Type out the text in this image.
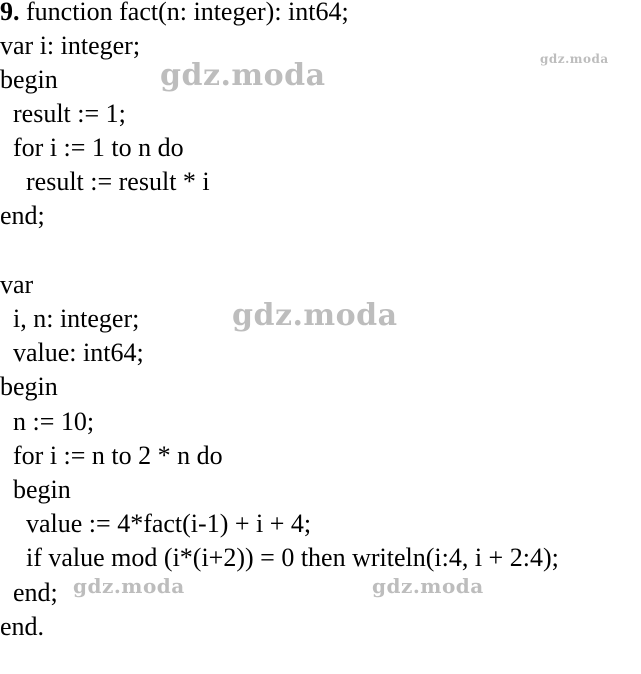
9. function fact(n: integer): int64;
var i: integer;
begin
result := 1;
for i := 1 to n do
result := result * i
end;
var
i, n: integer;
value: int64;
begin
n := 10;
for i := n to 2 * n do
begin
value := 4*fact(i-1) + i + 4;
if value mod (i*(i+2)) = 0 then writeln(i:4, i + 2:4);
end;
end.
gdz.moda
gdz.moda
gdz.moda
gdz.moda	gdz.moda
